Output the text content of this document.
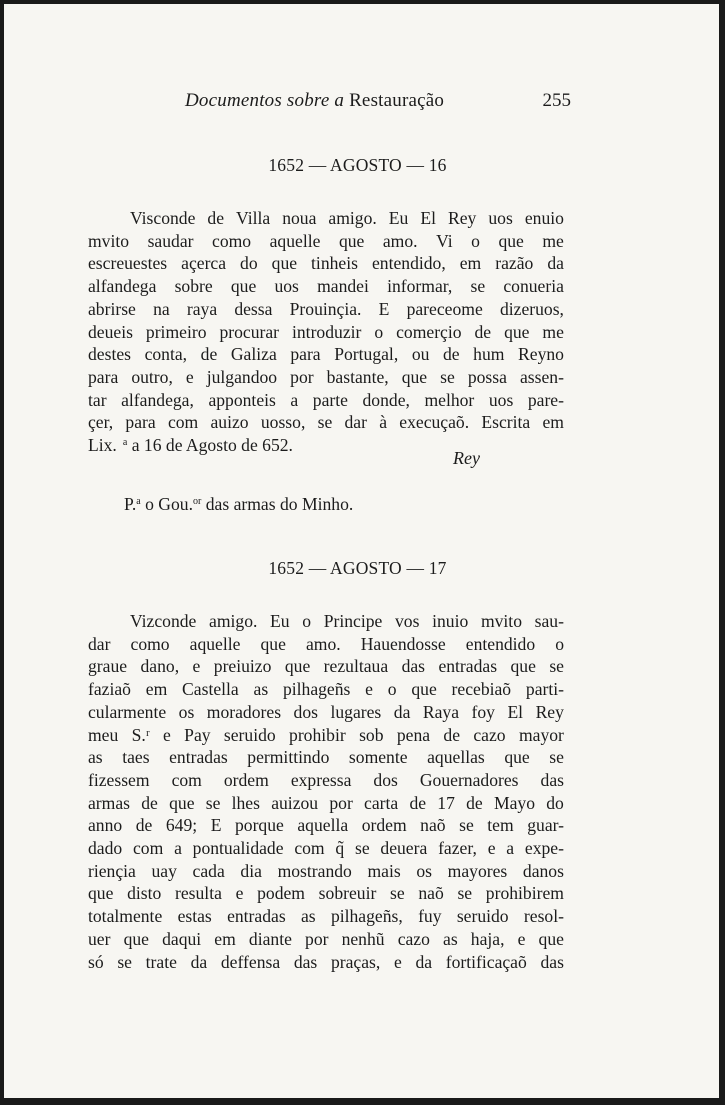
Documentos sobre a Restauração	255
1652 — AGOSTO — 16
Visconde de Villa noua amigo. Eu El Rey uos enuio
mvito saudar como aquelle que amo. Vi o que me
escreuestes açerca do que tinheis entendido, em razão da
alfandega sobre que uos mandei informar, se conueria
abrirse na raya dessa Prouinçia. E pareceome dizeruos,
deueis primeiro procurar introduzir o comerçio de que me
destes conta, de Galiza para Portugal, ou de hum Reyno
para outro, e julgandoo por bastante, que se possa assen-
tar alfandega, apponteis a parte donde, melhor uos pare-
çer, para com auizo uosso, se dar à execuçaõ. Escrita em
Lix. $^a$ a 16 de Agosto de 652.
Rey
P.$^a$ o Gou.$^{or}$ das armas do Minho.
1652 — AGOSTO — 17
Vizconde amigo. Eu o Principe vos inuio mvito sau-
dar como aquelle que amo. Hauendosse entendido o
graue dano, e preiuizo que rezultaua das entradas que se
faziaõ em Castella as pilhageñs e o que recebiaõ parti-
cularmente os moradores dos lugares da Raya foy El Rey
meu S.ʳ e Pay seruido prohibir sob pena de cazo mayor
as taes entradas permittindo somente aquellas que se
fizessem com ordem expressa dos Gouernadores das
armas de que se lhes auizou por carta de 17 de Mayo do
anno de 649; E porque aquella ordem naõ se tem guar-
dado com a pontualidade com q̃ se deuera fazer, e a expe-
riençia uay cada dia mostrando mais os mayores danos
que disto resulta e podem sobreuir se naõ se prohibirem
totalmente estas entradas as pilhageñs, fuy seruido resol-
uer que daqui em diante por nenhũ cazo as haja, e que
só se trate da deffensa das praças, e da fortificaçaõ das
